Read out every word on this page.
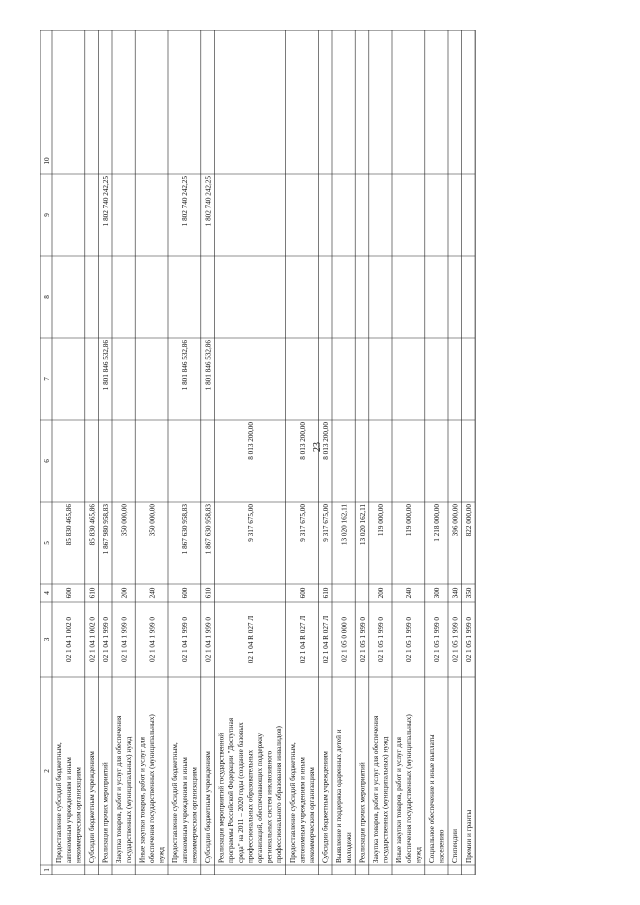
23
1
2
3
4
5
6
7
8
9
10
Предоставление субсидий бюджетным, автономным учреждениям и иным некоммерческим организациям
02 1 04 1 002 0
600
85 830 465,86
Субсидии бюджетным учреждениям
02 1 04 1 002 0
610
85 830 465,86
Реализация прочих мероприятий
02 1 04 1 999 0
1 867 980 958,83
1 801 846 532,86
1 802 740 242,25
Закупка товаров, работ и услуг для обеспечения государственных (муниципальных) нужд
02 1 04 1 999 0
200
350 000,00
Иные закупки товаров, работ и услуг для обеспечения государственных (муниципальных) нужд
02 1 04 1 999 0
240
350 000,00
Предоставление субсидий бюджетным, автономным учреждениям и иным некоммерческим организациям
02 1 04 1 999 0
600
1 867 630 958,83
1 801 846 532,86
1 802 740 242,25
Субсидии бюджетным учреждениям
02 1 04 1 999 0
610
1 867 630 958,83
1 801 846 532,86
1 802 740 242,25
Реализация мероприятий государственной программы Российской Федерации "Доступная среда" на 2011 – 2020 годы (создание базовых профессиональных образовательных организаций, обеспечивающих поддержку региональных систем инклюзивного профессионального образования инвалидов)
02 1 04 R 027 Л
9 317 675,00
8 013 200,00
Предоставление субсидий бюджетным, автономным учреждениям и иным некоммерческим организациям
02 1 04 R 027 Л
600
9 317 675,00
8 013 200,00
Субсидии бюджетным учреждениям
02 1 04 R 027 Л
610
9 317 675,00
8 013 200,00
Выявление и поддержка одаренных детей и молодежи
02 1 05 0 000 0
13 020 162,11
Реализация прочих мероприятий
02 1 05 1 999 0
13 020 162,11
Закупка товаров, работ и услуг для обеспечения государственных (муниципальных) нужд
02 1 05 1 999 0
200
119 000,00
Иные закупки товаров, работ и услуг для обеспечения государственных (муниципальных) нужд
02 1 05 1 999 0
240
119 000,00
Социальное обеспечение и иные выплаты населению
02 1 05 1 999 0
300
1 218 000,00
Стипендии
02 1 05 1 999 0
340
396 000,00
Премии и гранты
02 1 05 1 999 0
350
822 000,00
